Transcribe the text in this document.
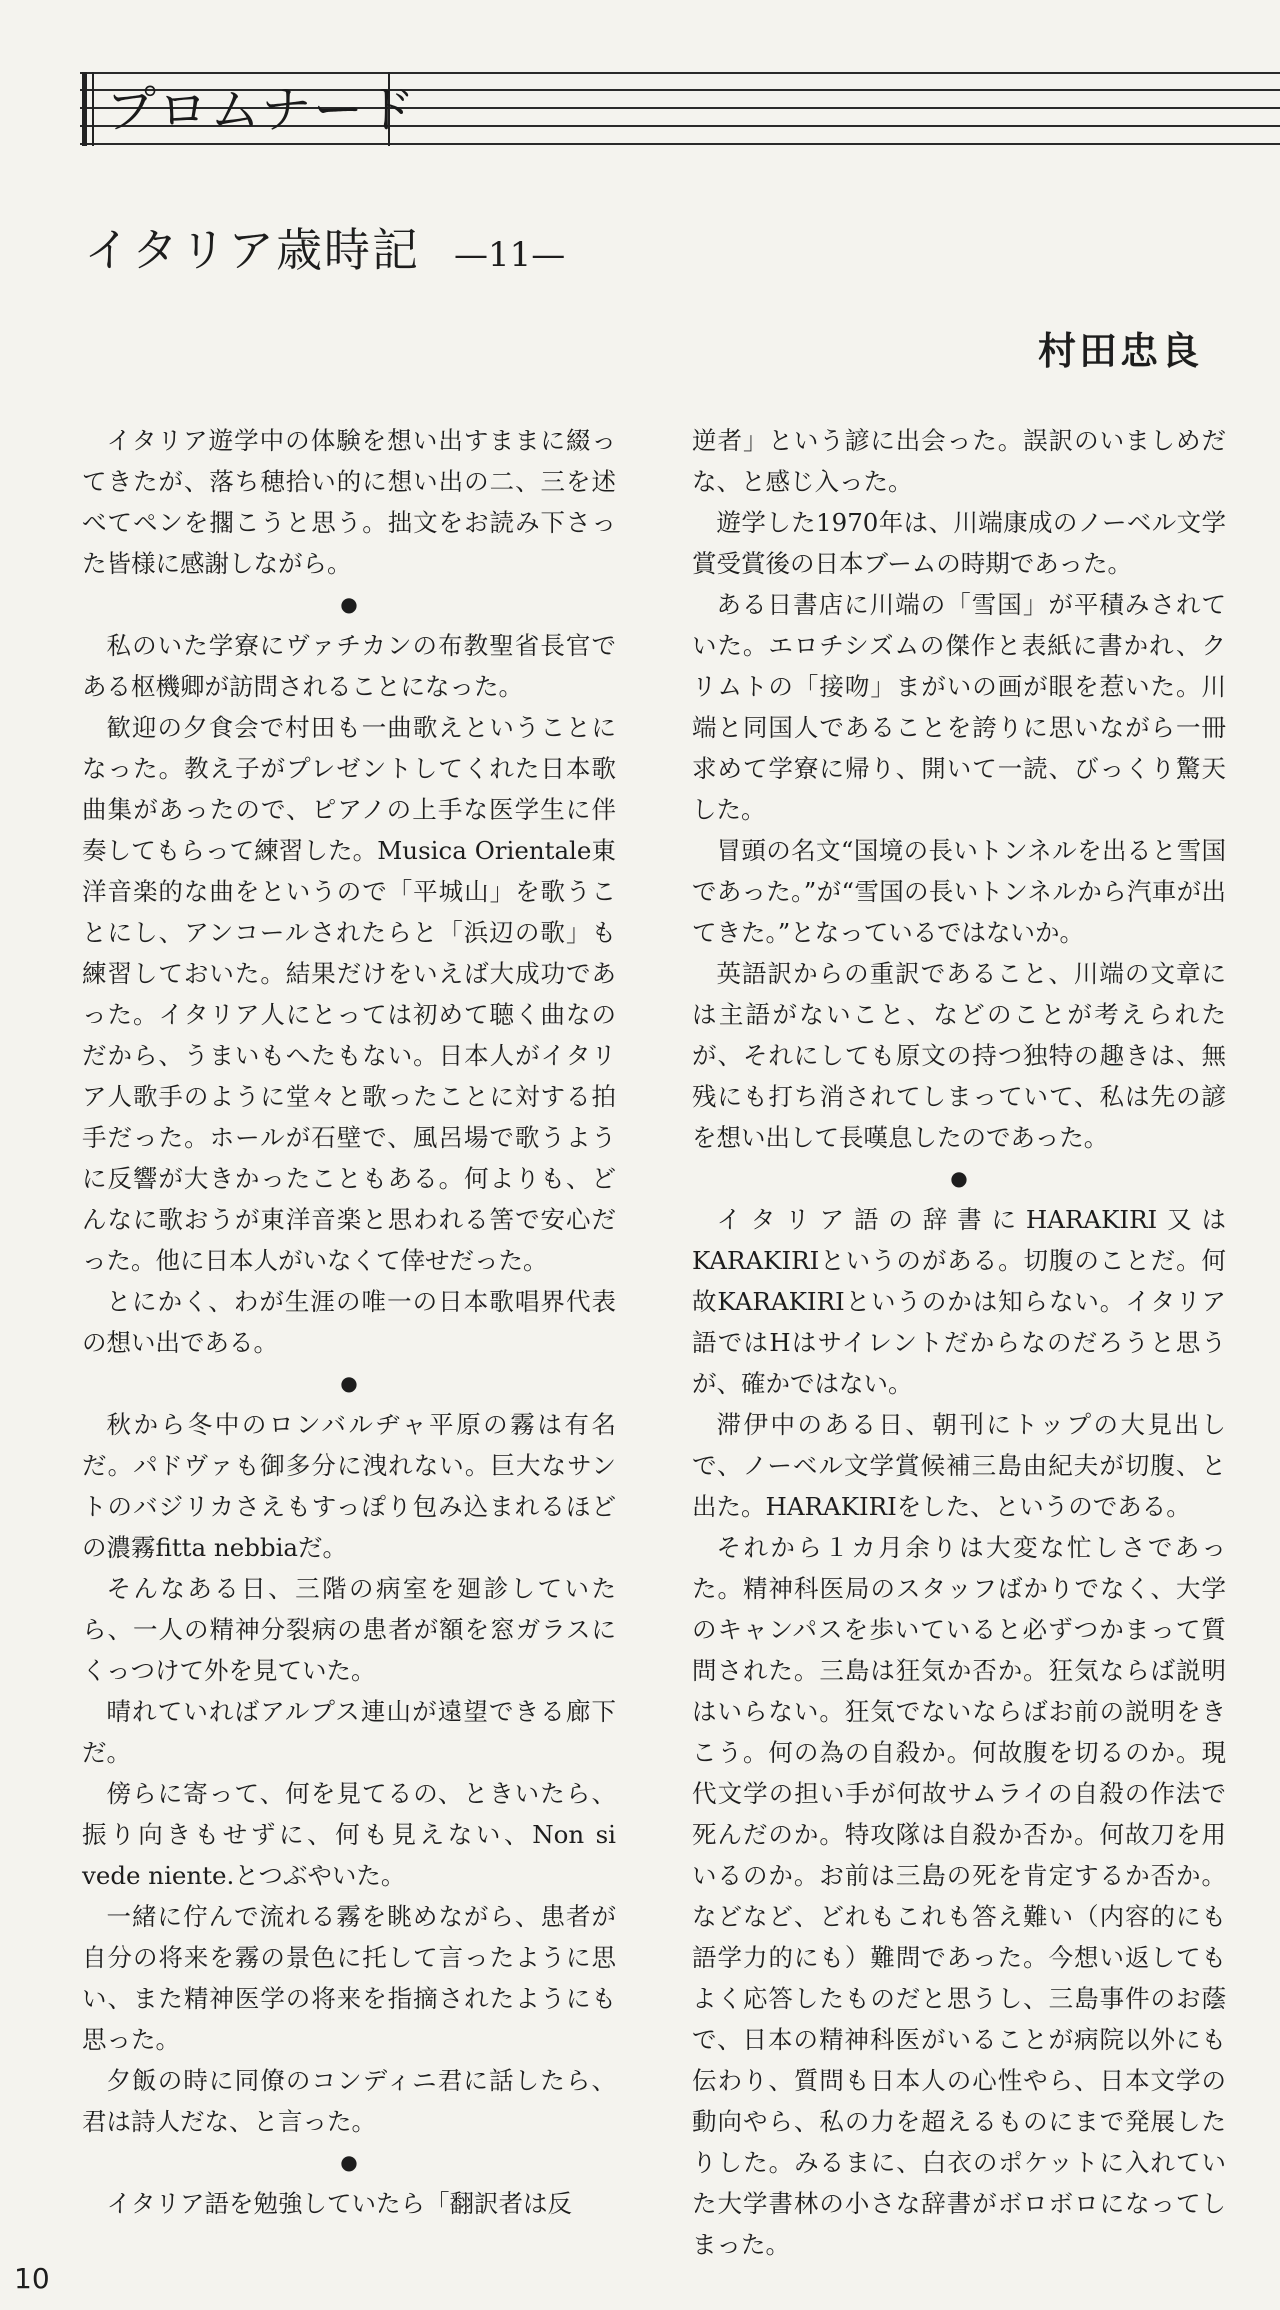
プロムナード
イタリア歳時記 —11—
村田忠良

イタリア遊学中の体験を想い出すままに綴ってきたが、落ち穂拾い的に想い出の二、三を述べてペンを擱こうと思う。拙文をお読み下さった皆様に感謝しながら。

●

私のいた学寮にヴァチカンの布教聖省長官である枢機卿が訪問されることになった。

歓迎の夕食会で村田も一曲歌えということになった。教え子がプレゼントしてくれた日本歌曲集があったので、ピアノの上手な医学生に伴奏してもらって練習した。Musica Orientale東洋音楽的な曲をというので「平城山」を歌うことにし、アンコールされたらと「浜辺の歌」も練習しておいた。結果だけをいえば大成功であった。イタリア人にとっては初めて聴く曲なのだから、うまいもへたもない。日本人がイタリア人歌手のように堂々と歌ったことに対する拍手だった。ホールが石壁で、風呂場で歌うように反響が大きかったこともある。何よりも、どんなに歌おうが東洋音楽と思われる筈で安心だった。他に日本人がいなくて倖せだった。

とにかく、わが生涯の唯一の日本歌唱界代表の想い出である。

●

秋から冬中のロンバルヂャ平原の霧は有名だ。パドヴァも御多分に洩れない。巨大なサントのバジリカさえもすっぽり包み込まれるほどの濃霧fitta nebbiaだ。

そんなある日、三階の病室を廻診していたら、一人の精神分裂病の患者が額を窓ガラスにくっつけて外を見ていた。

晴れていればアルプス連山が遠望できる廊下だ。

傍らに寄って、何を見てるの、ときいたら、振り向きもせずに、何も見えない、Non si vede niente.とつぶやいた。

一緒に佇んで流れる霧を眺めながら、患者が自分の将来を霧の景色に托して言ったように思い、また精神医学の将来を指摘されたようにも思った。

夕飯の時に同僚のコンディニ君に話したら、君は詩人だな、と言った。

●

イタリア語を勉強していたら「翻訳者は反

逆者」という諺に出会った。誤訳のいましめだな、と感じ入った。

遊学した1970年は、川端康成のノーベル文学賞受賞後の日本ブームの時期であった。

ある日書店に川端の「雪国」が平積みされていた。エロチシズムの傑作と表紙に書かれ、クリムトの「接吻」まがいの画が眼を惹いた。川端と同国人であることを誇りに思いながら一冊求めて学寮に帰り、開いて一読、びっくり驚天した。

冒頭の名文“国境の長いトンネルを出ると雪国であった。”が“雪国の長いトンネルから汽車が出てきた。”となっているではないか。

英語訳からの重訳であること、川端の文章には主語がないこと、などのことが考えられたが、それにしても原文の持つ独特の趣きは、無残にも打ち消されてしまっていて、私は先の諺を想い出して長嘆息したのであった。

●

イタリア語の辞書にHARAKIRI又はKARAKIRIというのがある。切腹のことだ。何故KARAKIRIというのかは知らない。イタリア語ではHはサイレントだからなのだろうと思うが、確かではない。

滞伊中のある日、朝刊にトップの大見出しで、ノーベル文学賞候補三島由紀夫が切腹、と出た。HARAKIRIをした、というのである。

それから１カ月余りは大変な忙しさであった。精神科医局のスタッフばかりでなく、大学のキャンパスを歩いていると必ずつかまって質問された。三島は狂気か否か。狂気ならば説明はいらない。狂気でないならばお前の説明をきこう。何の為の自殺か。何故腹を切るのか。現代文学の担い手が何故サムライの自殺の作法で死んだのか。特攻隊は自殺か否か。何故刀を用いるのか。お前は三島の死を肯定するか否か。などなど、どれもこれも答え難い（内容的にも語学力的にも）難問であった。今想い返してもよく応答したものだと思うし、三島事件のお蔭で、日本の精神科医がいることが病院以外にも伝わり、質問も日本人の心性やら、日本文学の動向やら、私の力を超えるものにまで発展したりした。みるまに、白衣のポケットに入れていた大学書林の小さな辞書がボロボロになってしまった。

10
